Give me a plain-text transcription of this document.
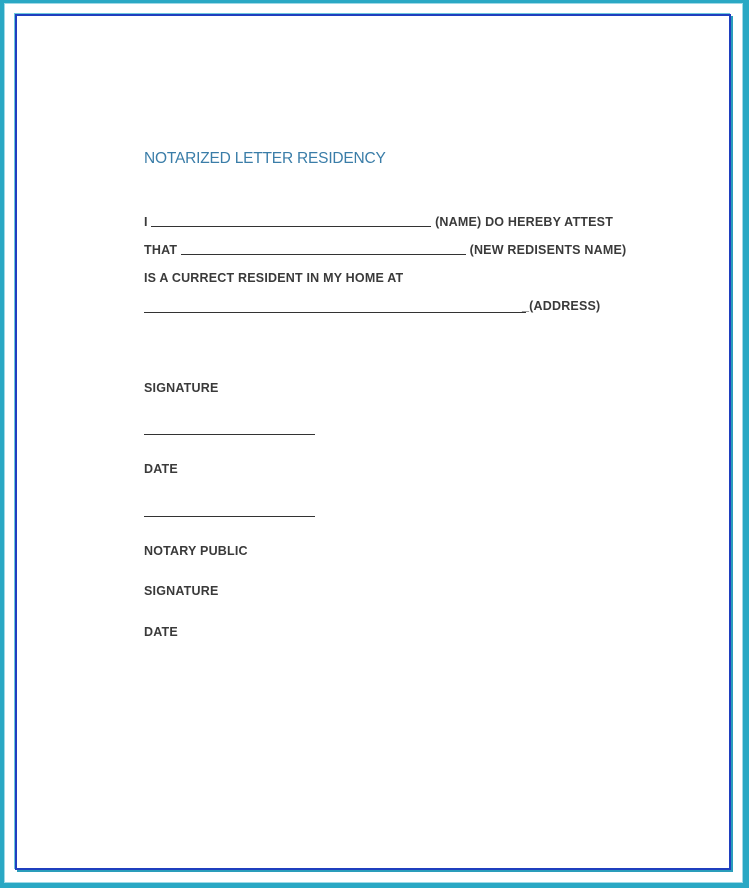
NOTARIZED LETTER RESIDENCY
I	(NAME) DO HEREBY ATTEST
THAT	(NEW REDISENTS NAME)
IS A CURRECT RESIDENT IN MY HOME AT
_(ADDRESS)
SIGNATURE
DATE
NOTARY PUBLIC
SIGNATURE
DATE
